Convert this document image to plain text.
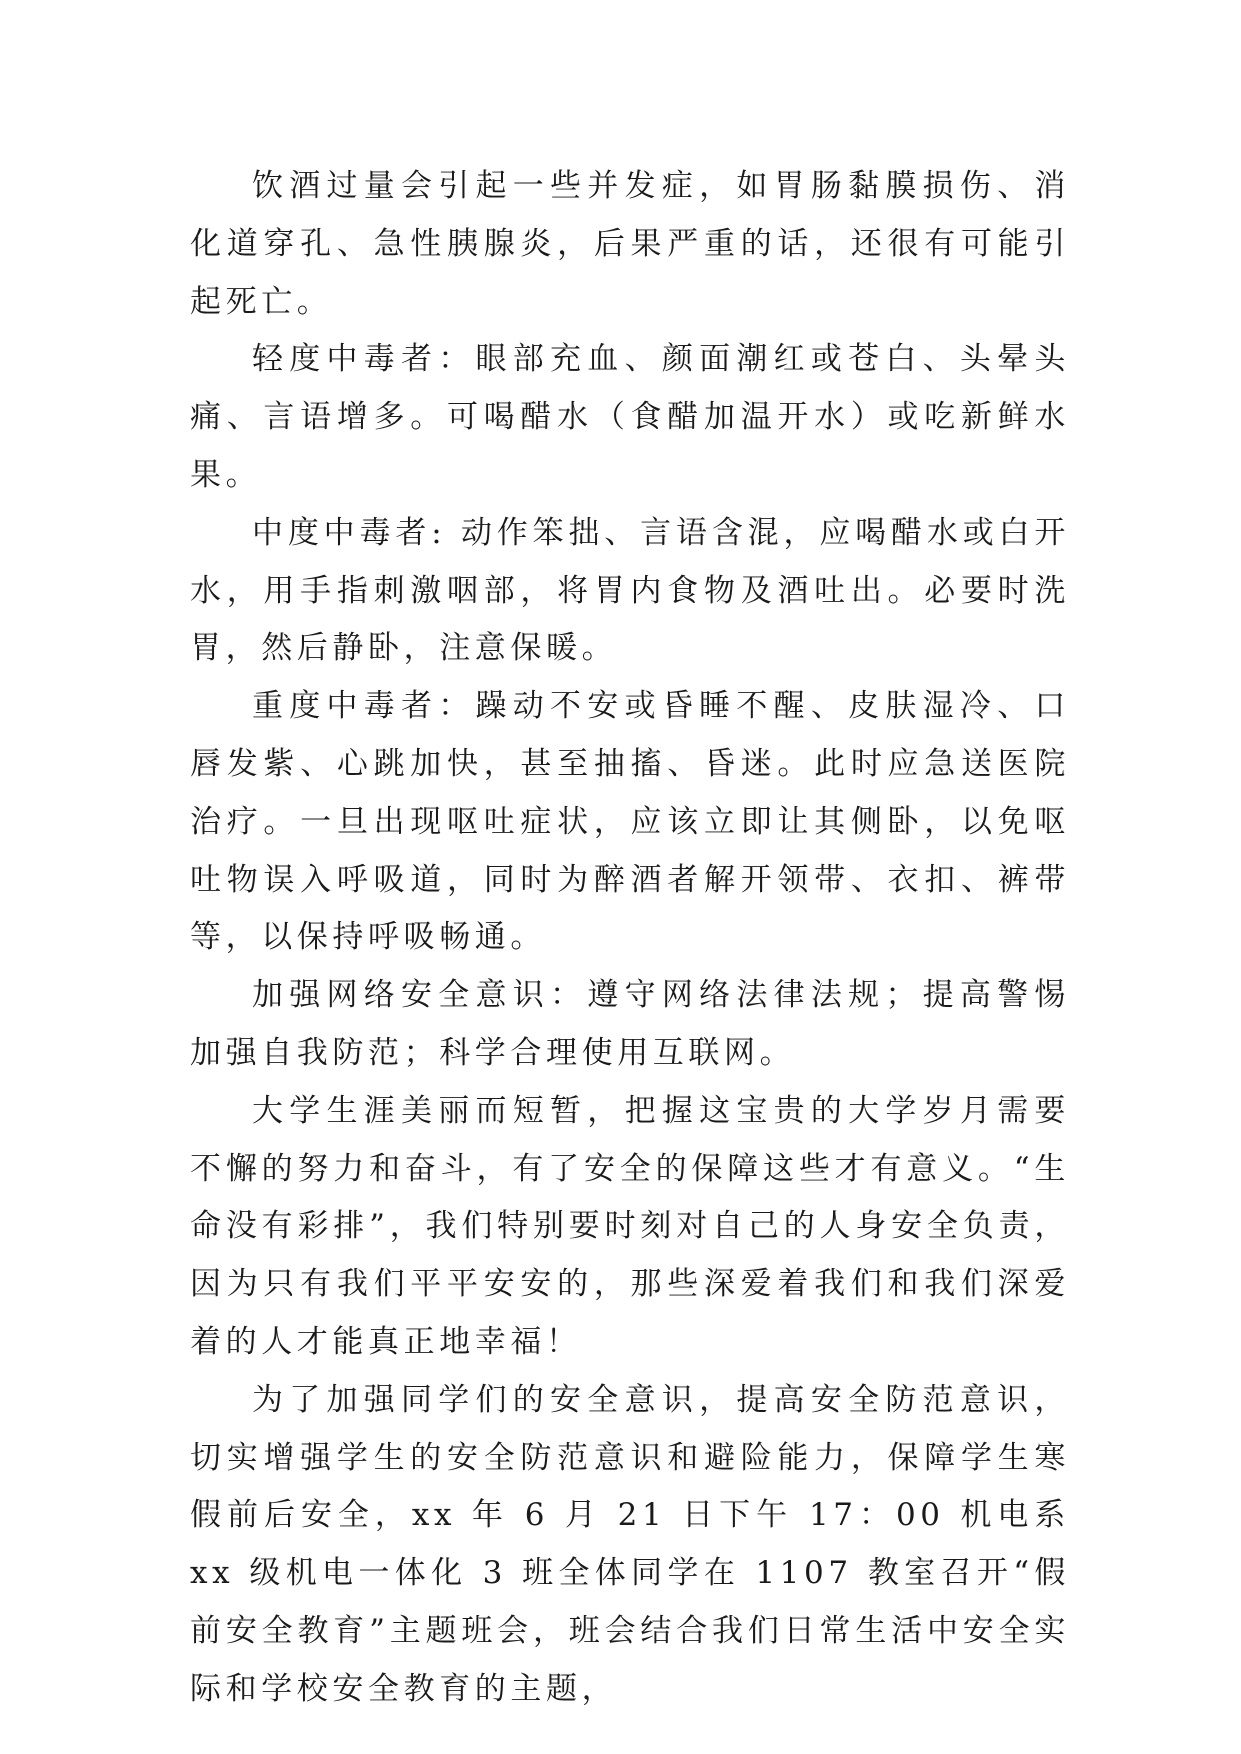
饮酒过量会引起一些并发症，如胃肠黏膜损伤、消化道穿孔、急性胰腺炎，后果严重的话，还很有可能引起死亡。

轻度中毒者：眼部充血、颜面潮红或苍白、头晕头痛、言语增多。可喝醋水（食醋加温开水）或吃新鲜水果。

中度中毒者: 动作笨拙、言语含混，应喝醋水或白开水，用手指刺激咽部，将胃内食物及酒吐出。必要时洗胃，然后静卧，注意保暖。

重度中毒者：躁动不安或昏睡不醒、皮肤湿冷、口唇发紫、心跳加快，甚至抽搐、昏迷。此时应急送医院治疗。一旦出现呕吐症状，应该立即让其侧卧，以免呕吐物误入呼吸道，同时为醉酒者解开领带、衣扣、裤带等，以保持呼吸畅通。

加强网络安全意识：遵守网络法律法规；提高警惕加强自我防范；科学合理使用互联网。

大学生涯美丽而短暂，把握这宝贵的大学岁月需要不懈的努力和奋斗，有了安全的保障这些才有意义。“生命没有彩排”，我们特别要时刻对自己的人身安全负责，因为只有我们平平安安的，那些深爱着我们和我们深爱着的人才能真正地幸福！

为了加强同学们的安全意识，提高安全防范意识，切实增强学生的安全防范意识和避险能力，保障学生寒假前后安全，xx 年 6 月 21 日下午 17：00 机电系 xx 级机电一体化 3 班全体同学在 1107 教室召开“假前安全教育”主题班会，班会结合我们日常生活中安全实际和学校安全教育的主题，
